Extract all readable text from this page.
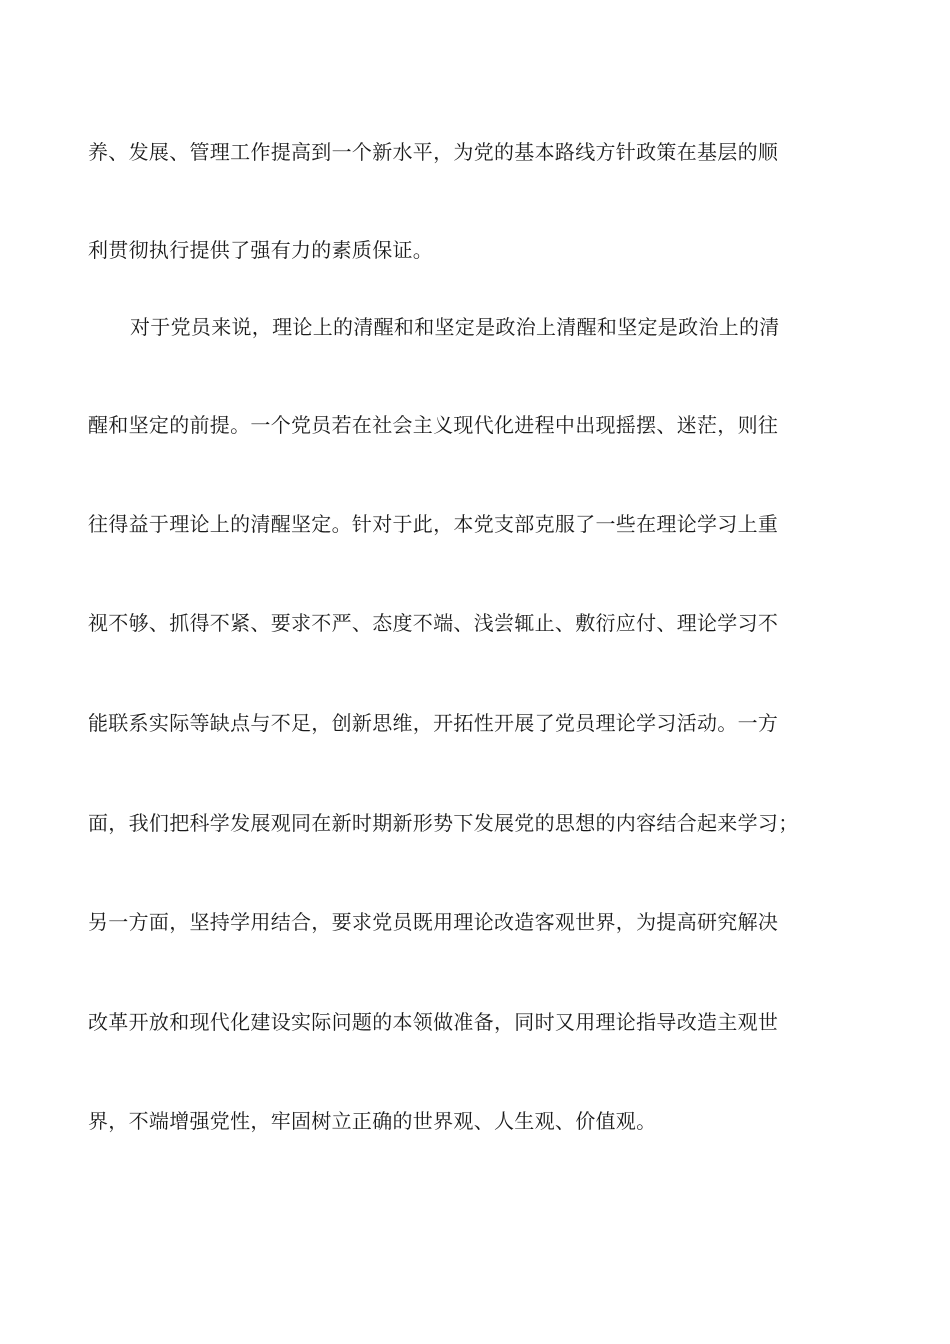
养、发展、管理工作提高到一个新水平，为党的基本路线方针政策在基层的顺
利贯彻执行提供了强有力的素质保证。
对于党员来说，理论上的清醒和和坚定是政治上清醒和坚定是政治上的清
醒和坚定的前提。一个党员若在社会主义现代化进程中出现摇摆、迷茫，则往
往得益于理论上的清醒坚定。针对于此，本党支部克服了一些在理论学习上重
视不够、抓得不紧、要求不严、态度不端、浅尝辄止、敷衍应付、理论学习不
能联系实际等缺点与不足，创新思维，开拓性开展了党员理论学习活动。一方
面，我们把科学发展观同在新时期新形势下发展党的思想的内容结合起来学习；
另一方面，坚持学用结合，要求党员既用理论改造客观世界，为提高研究解决
改革开放和现代化建设实际问题的本领做准备，同时又用理论指导改造主观世
界，不端增强党性，牢固树立正确的世界观、人生观、价值观。
